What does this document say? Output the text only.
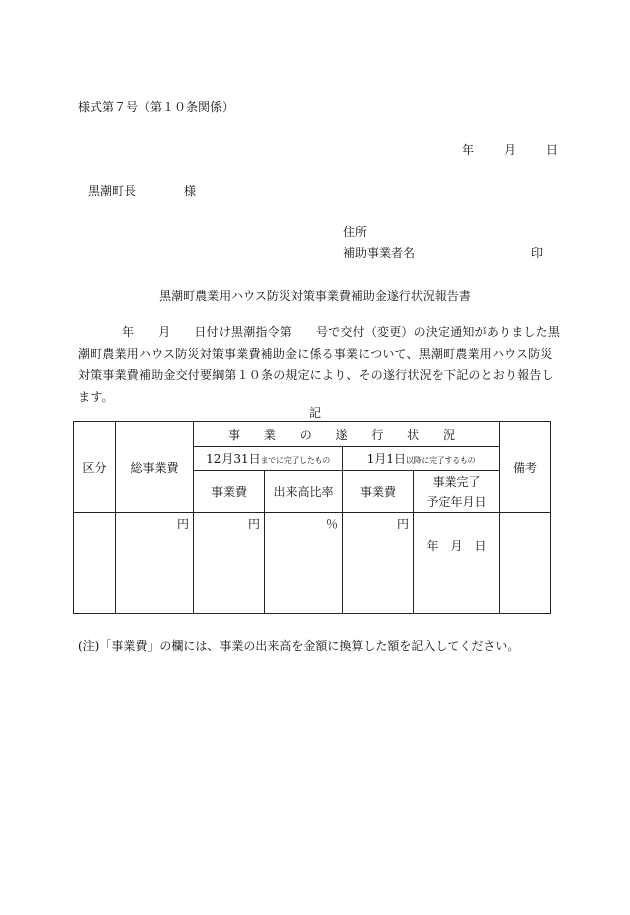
様式第７号（第１０条関係）
年	月	日
黒潮町長	様
住所
補助事業者名	印
黒潮町農業用ハウス防災対策事業費補助金遂行状況報告書
年 月 日付け黒潮指令第 号で交付（変更）の決定通知がありました黒潮町農業用ハウス防災対策事業費補助金に係る事業について、黒潮町農業用ハウス防災対策事業費補助金交付要綱第１０条の規定により、その遂行状況を下記のとおり報告します。
記
区分	総事業費	事 業 の 遂 行 状 況				備考
		12月31日までに完了したもの		1月1日以降に完了するもの		
		事業費	出来高比率	事業費	事業完了
予定年月日	
	円	円	％	円	年　月　日	

(注)「事業費」の欄には、事業の出来高を金額に換算した額を記入してください。
